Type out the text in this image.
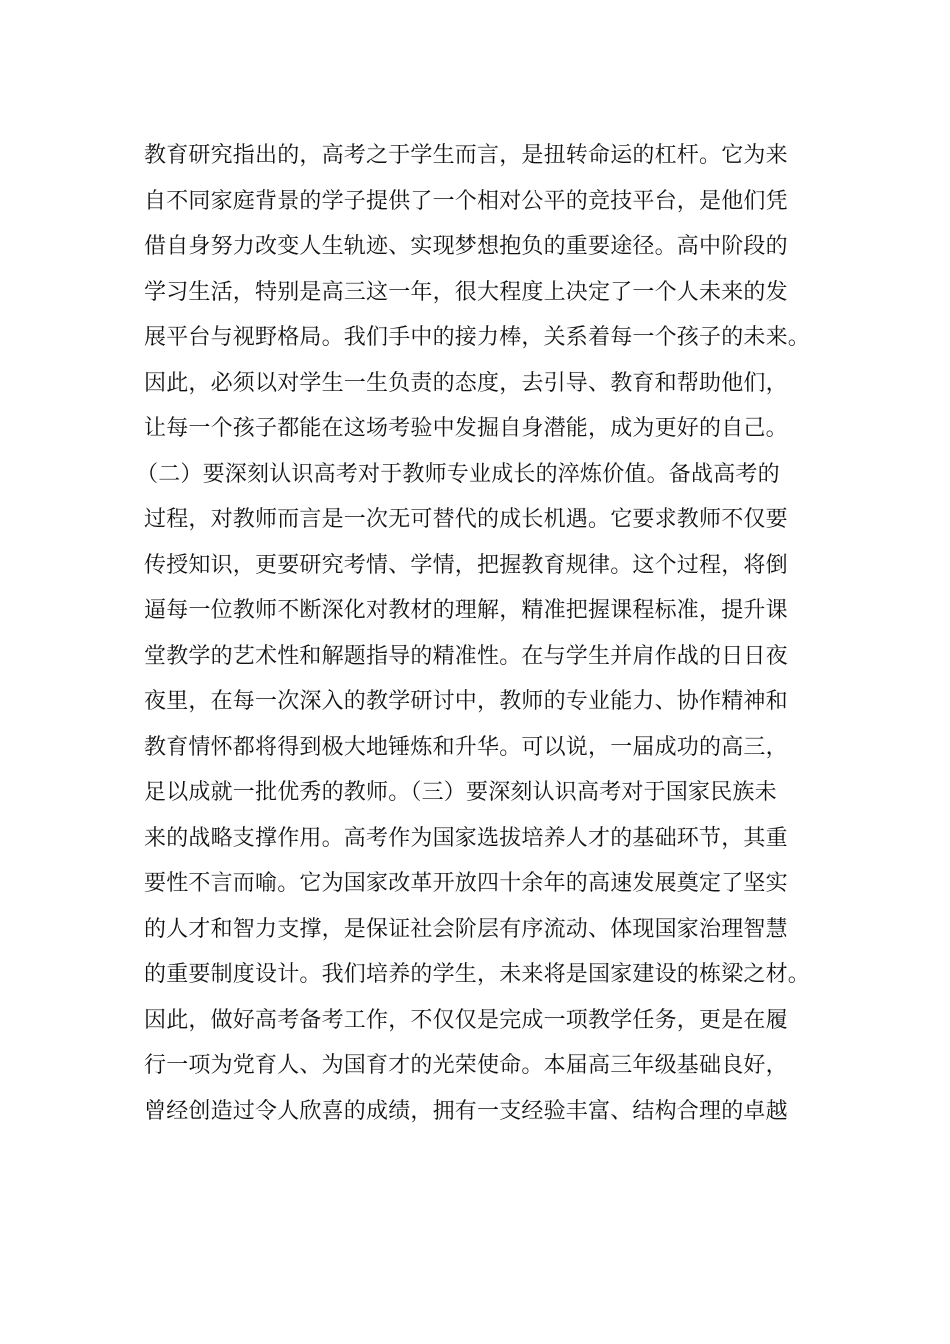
教育研究指出的，高考之于学生而言，是扭转命运的杠杆。它为来
自不同家庭背景的学子提供了一个相对公平的竞技平台，是他们凭
借自身努力改变人生轨迹、实现梦想抱负的重要途径。高中阶段的
学习生活，特别是高三这一年，很大程度上决定了一个人未来的发
展平台与视野格局。我们手中的接力棒，关系着每一个孩子的未来。
因此，必须以对学生一生负责的态度，去引导、教育和帮助他们，
让每一个孩子都能在这场考验中发掘自身潜能，成为更好的自己。
（二）要深刻认识高考对于教师专业成长的淬炼价值。备战高考的
过程，对教师而言是一次无可替代的成长机遇。它要求教师不仅要
传授知识，更要研究考情、学情，把握教育规律。这个过程，将倒
逼每一位教师不断深化对教材的理解，精准把握课程标准，提升课
堂教学的艺术性和解题指导的精准性。在与学生并肩作战的日日夜
夜里，在每一次深入的教学研讨中，教师的专业能力、协作精神和
教育情怀都将得到极大地锤炼和升华。可以说，一届成功的高三，
足以成就一批优秀的教师。（三）要深刻认识高考对于国家民族未
来的战略支撑作用。高考作为国家选拔培养人才的基础环节，其重
要性不言而喻。它为国家改革开放四十余年的高速发展奠定了坚实
的人才和智力支撑，是保证社会阶层有序流动、体现国家治理智慧
的重要制度设计。我们培养的学生，未来将是国家建设的栋梁之材。
因此，做好高考备考工作，不仅仅是完成一项教学任务，更是在履
行一项为党育人、为国育才的光荣使命。本届高三年级基础良好，
曾经创造过令人欣喜的成绩，拥有一支经验丰富、结构合理的卓越
